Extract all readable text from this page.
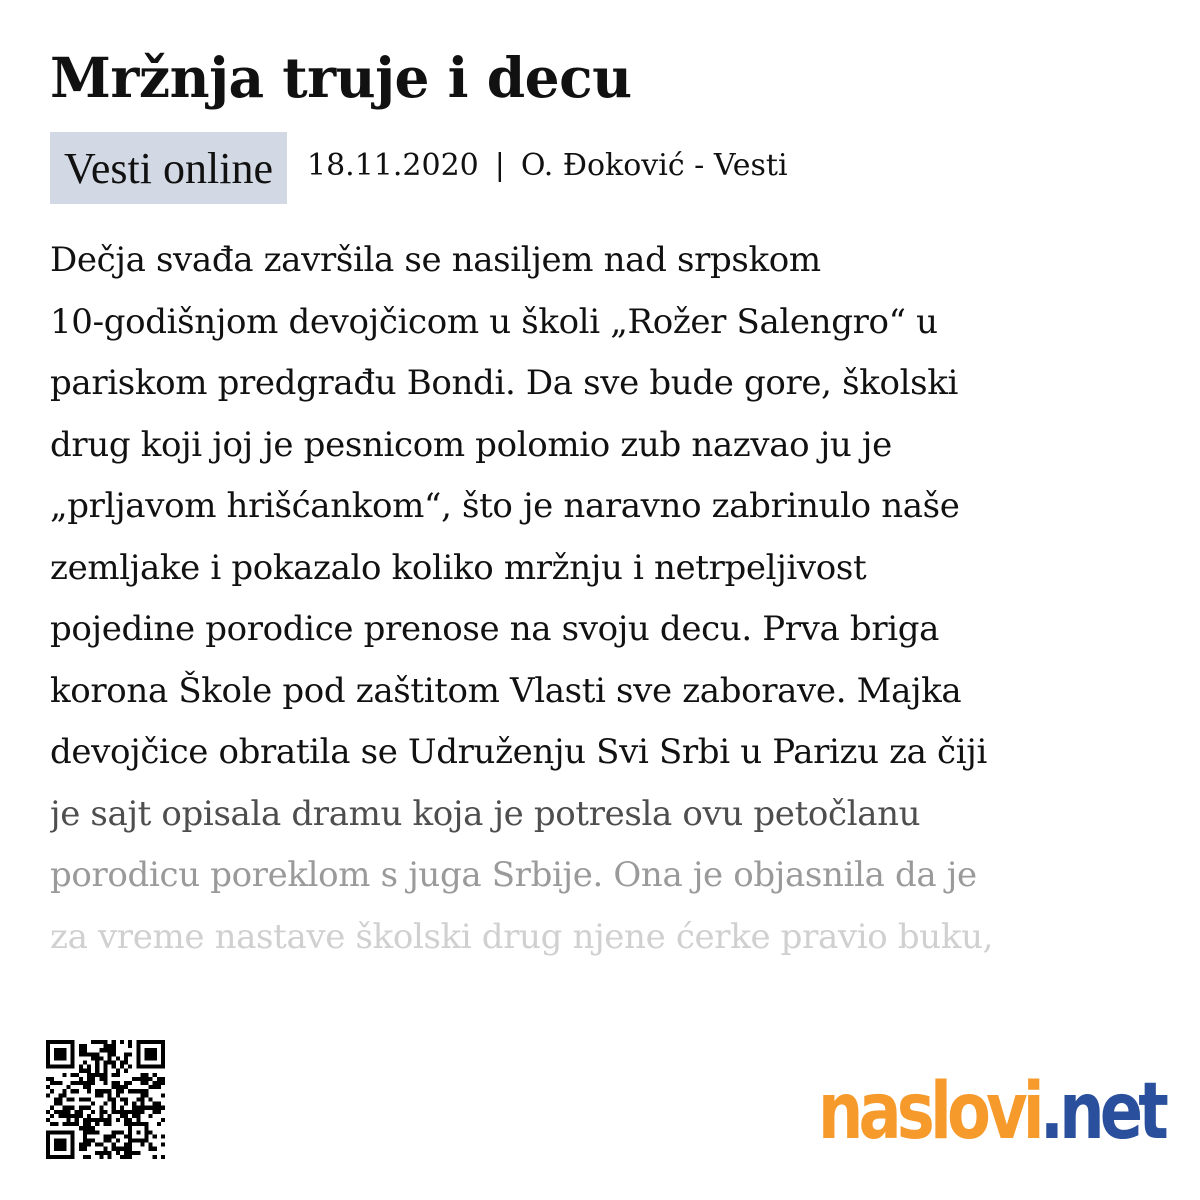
Mržnja truje i decu
Vesti online	18.11.2020 | O. Đoković - Vesti
Dečja svađa završila se nasiljem nad srpskom
10-godišnjom devojčicom u školi „Rožer Salengro“ u
pariskom predgrađu Bondi. Da sve bude gore, školski
drug koji joj je pesnicom polomio zub nazvao ju je
„prljavom hrišćankom“, što je naravno zabrinulo naše
zemljake i pokazalo koliko mržnju i netrpeljivost
pojedine porodice prenose na svoju decu. Prva briga
korona Škole pod zaštitom Vlasti sve zaborave. Majka
devojčice obratila se Udruženju Svi Srbi u Parizu za čiji
je sajt opisala dramu koja je potresla ovu petočlanu
porodicu poreklom s juga Srbije. Ona je objasnila da je
za vreme nastave školski drug njene ćerke pravio buku,
naslovi.net
